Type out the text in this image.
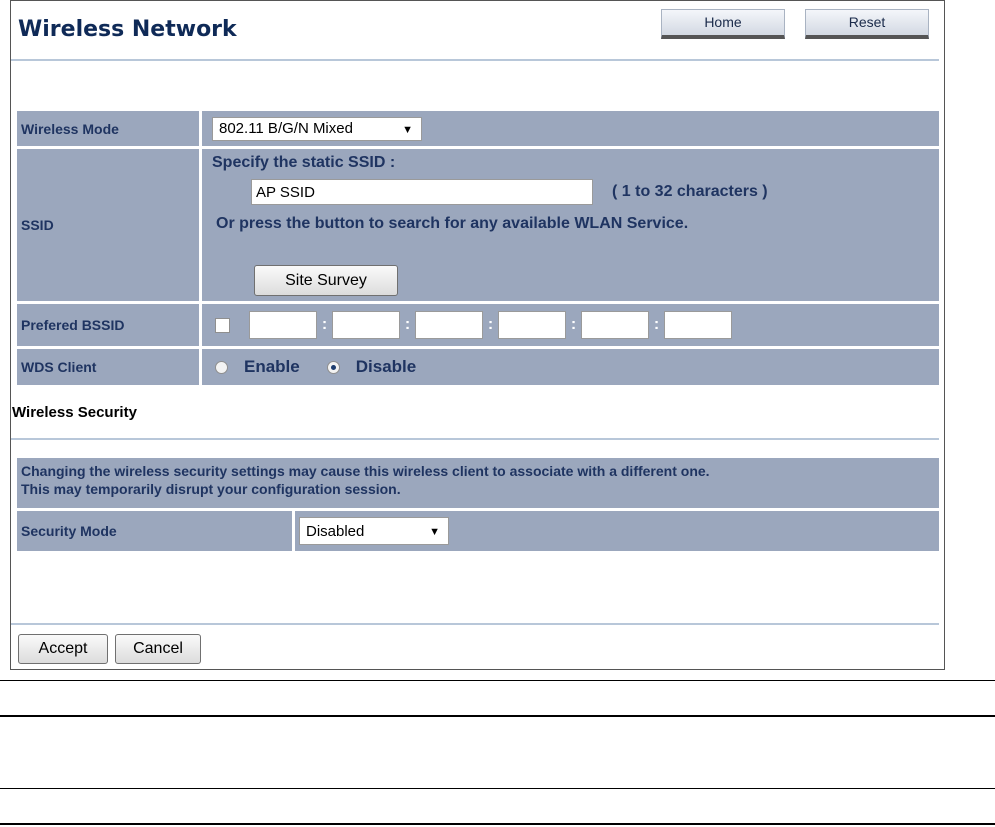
Wireless Network	Home	Reset
Wireless Mode	802.11 B/G/N Mixed	▼
SSID
Specify the static SSID :
AP SSID	( 1 to 32 characters )
Or press the button to search for any available WLAN Service.
Site Survey
Prefered BSSID	:	:	:	:	:
WDS Client	Enable	Disable
Wireless Security
Changing the wireless security settings may cause this wireless client to associate with a different one.
This may temporarily disrupt your configuration session.
Security Mode	Disabled	▼
Accept	Cancel
